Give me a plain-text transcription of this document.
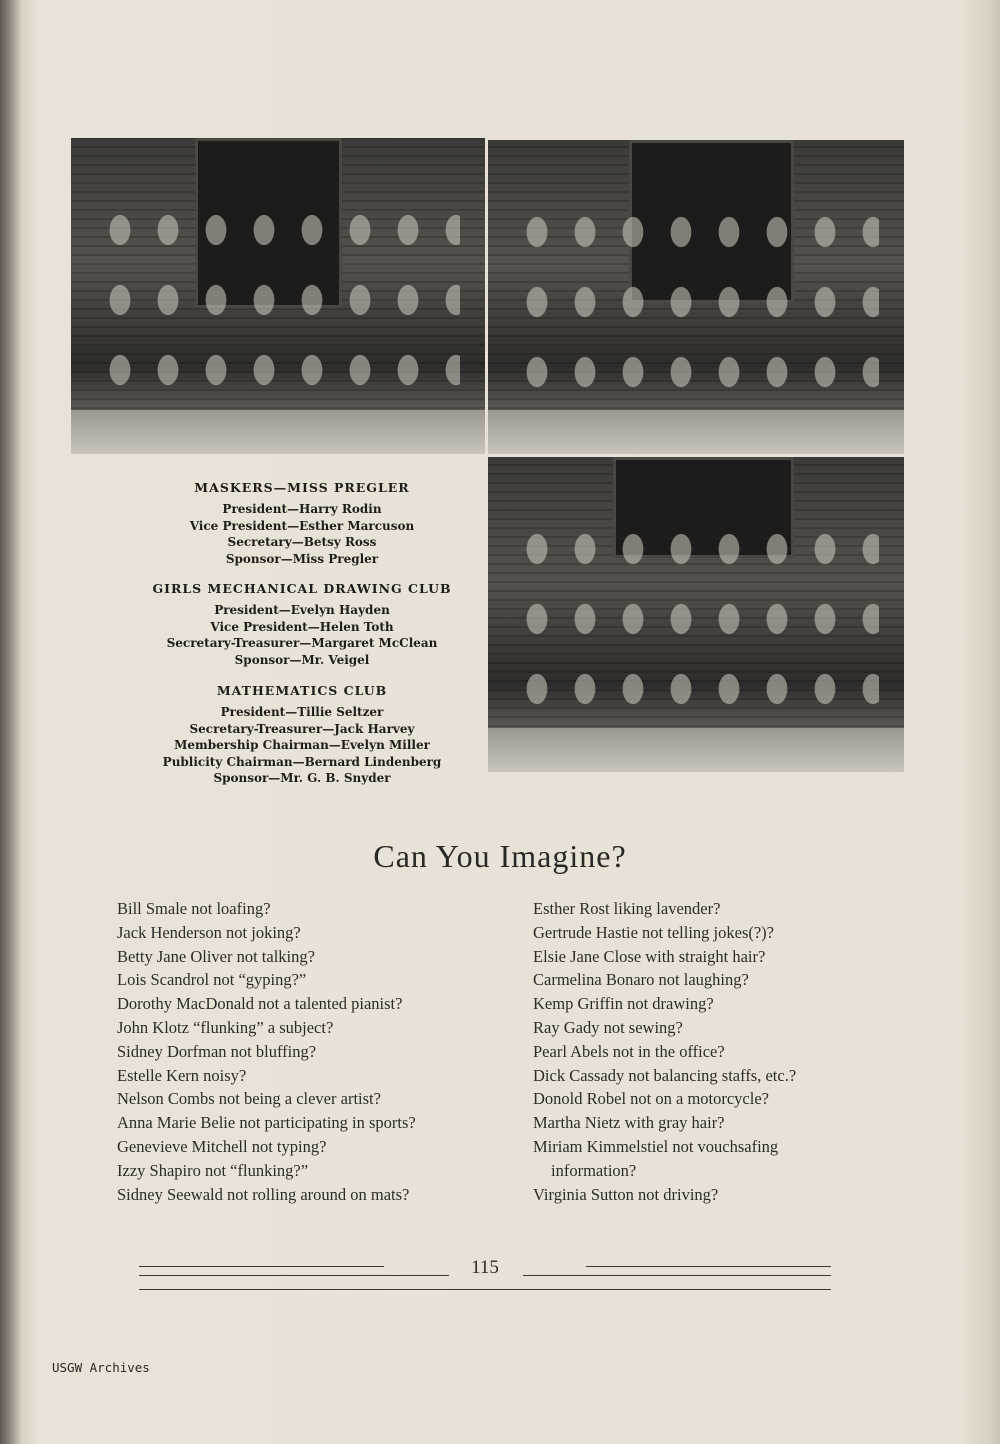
MASKERS—MISS PREGLER
President—Harry Rodin
Vice President—Esther Marcuson
Secretary—Betsy Ross
Sponsor—Miss Pregler
GIRLS MECHANICAL DRAWING CLUB
President—Evelyn Hayden
Vice President—Helen Toth
Secretary-Treasurer—Margaret McClean
Sponsor—Mr. Veigel
MATHEMATICS CLUB
President—Tillie Seltzer
Secretary-Treasurer—Jack Harvey
Membership Chairman—Evelyn Miller
Publicity Chairman—Bernard Lindenberg
Sponsor—Mr. G. B. Snyder
Can You Imagine?
Bill Smale not loafing?
Jack Henderson not joking?
Betty Jane Oliver not talking?
Lois Scandrol not “gyping?”
Dorothy MacDonald not a talented pianist?
John Klotz “flunking” a subject?
Sidney Dorfman not bluffing?
Estelle Kern noisy?
Nelson Combs not being a clever artist?
Anna Marie Belie not participating in sports?
Genevieve Mitchell not typing?
Izzy Shapiro not “flunking?”
Sidney Seewald not rolling around on mats?
Esther Rost liking lavender?
Gertrude Hastie not telling jokes(?)?
Elsie Jane Close with straight hair?
Carmelina Bonaro not laughing?
Kemp Griffin not drawing?
Ray Gady not sewing?
Pearl Abels not in the office?
Dick Cassady not balancing staffs, etc.?
Donold Robel not on a motorcycle?
Martha Nietz with gray hair?
Miriam Kimmelstiel not vouchsafing
information?
Virginia Sutton not driving?
115
USGW Archives
